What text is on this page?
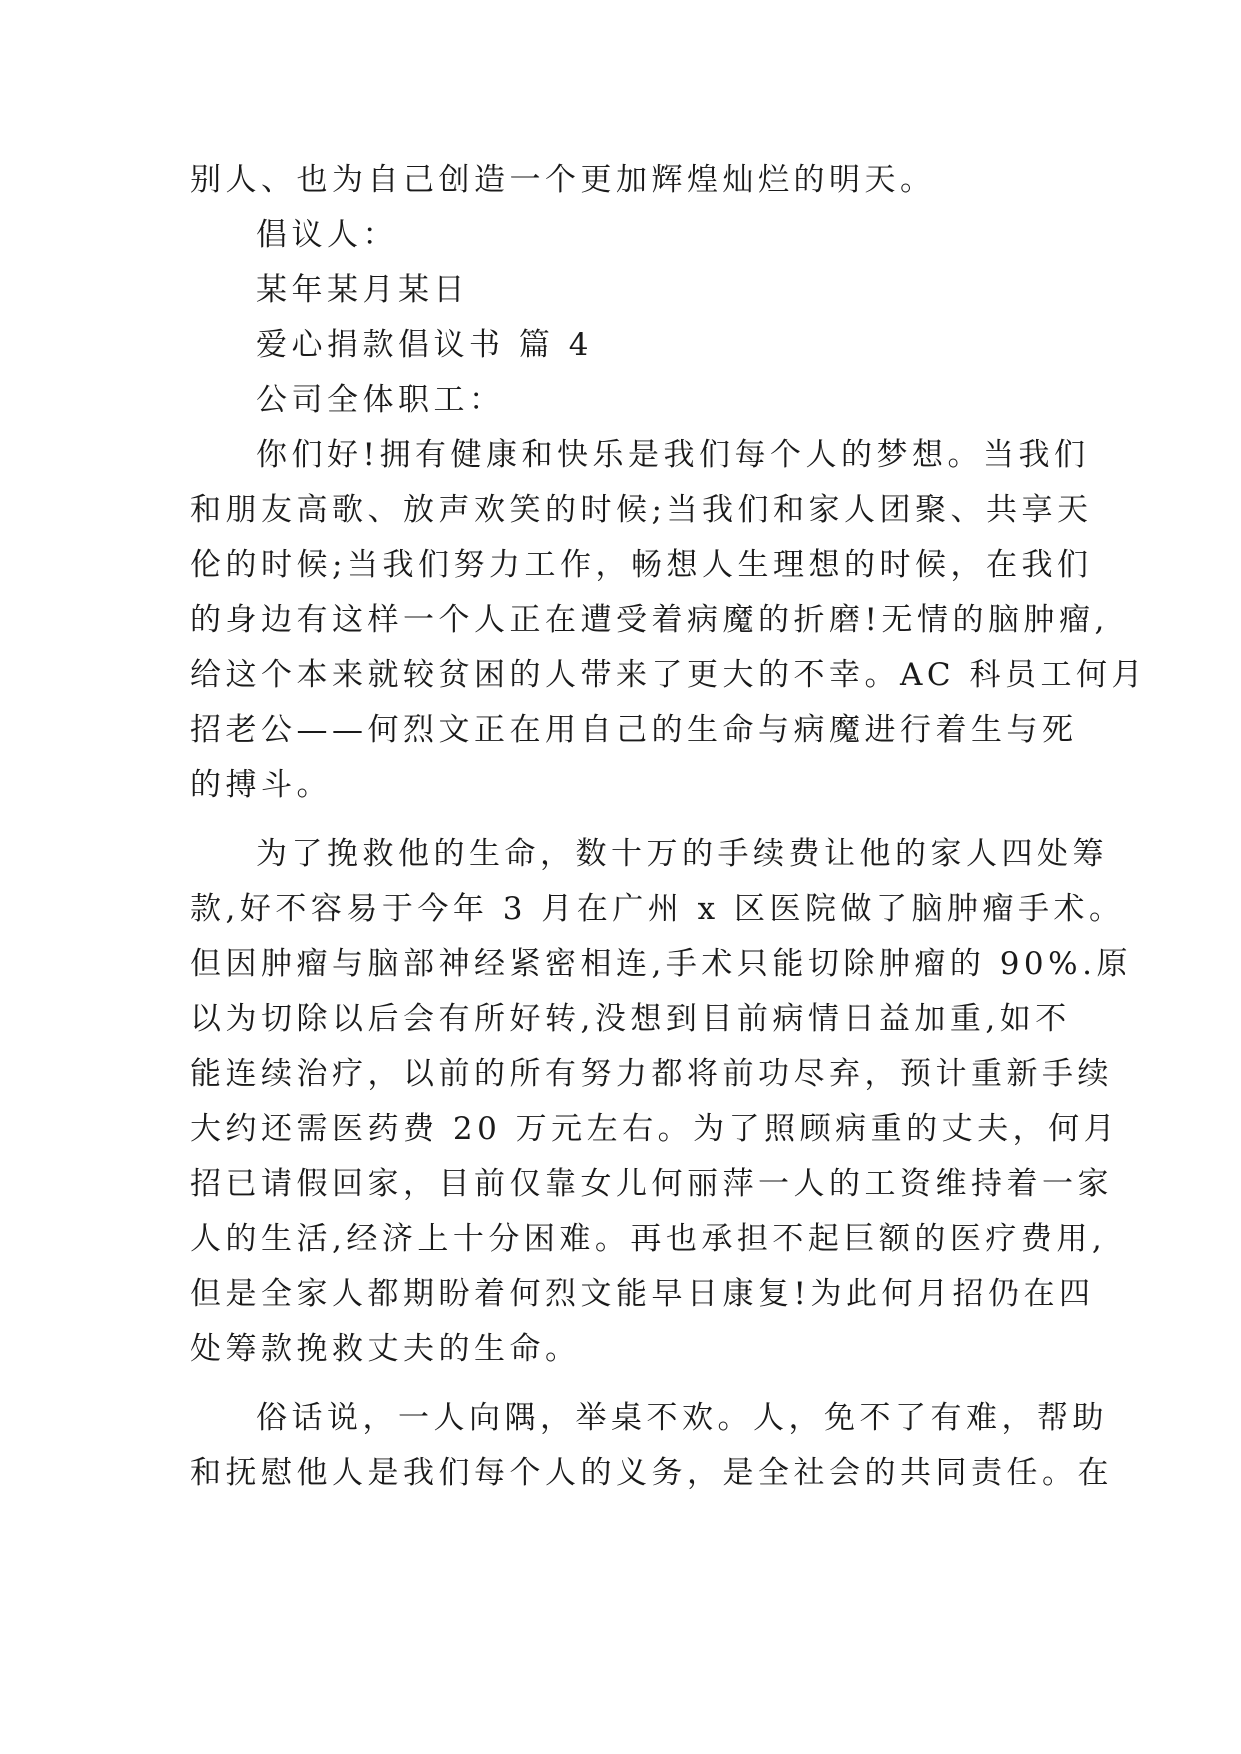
别人、也为自己创造一个更加辉煌灿烂的明天。
倡议人：
某年某月某日
爱心捐款倡议书 篇 4
公司全体职工：
你们好!拥有健康和快乐是我们每个人的梦想。当我们
和朋友高歌、放声欢笑的时候;当我们和家人团聚、共享天
伦的时候;当我们努力工作，畅想人生理想的时候，在我们
的身边有这样一个人正在遭受着病魔的折磨!无情的脑肿瘤,
给这个本来就较贫困的人带来了更大的不幸。AC 科员工何月
招老公——何烈文正在用自己的生命与病魔进行着生与死
的搏斗。
为了挽救他的生命，数十万的手续费让他的家人四处筹
款,好不容易于今年 3 月在广州 x 区医院做了脑肿瘤手术。
但因肿瘤与脑部神经紧密相连,手术只能切除肿瘤的 90%.原
以为切除以后会有所好转,没想到目前病情日益加重,如不
能连续治疗，以前的所有努力都将前功尽弃，预计重新手续
大约还需医药费 20 万元左右。为了照顾病重的丈夫，何月
招已请假回家，目前仅靠女儿何丽萍一人的工资维持着一家
人的生活,经济上十分困难。再也承担不起巨额的医疗费用,
但是全家人都期盼着何烈文能早日康复!为此何月招仍在四
处筹款挽救丈夫的生命。
俗话说，一人向隅，举桌不欢。人，免不了有难，帮助
和抚慰他人是我们每个人的义务，是全社会的共同责任。在
